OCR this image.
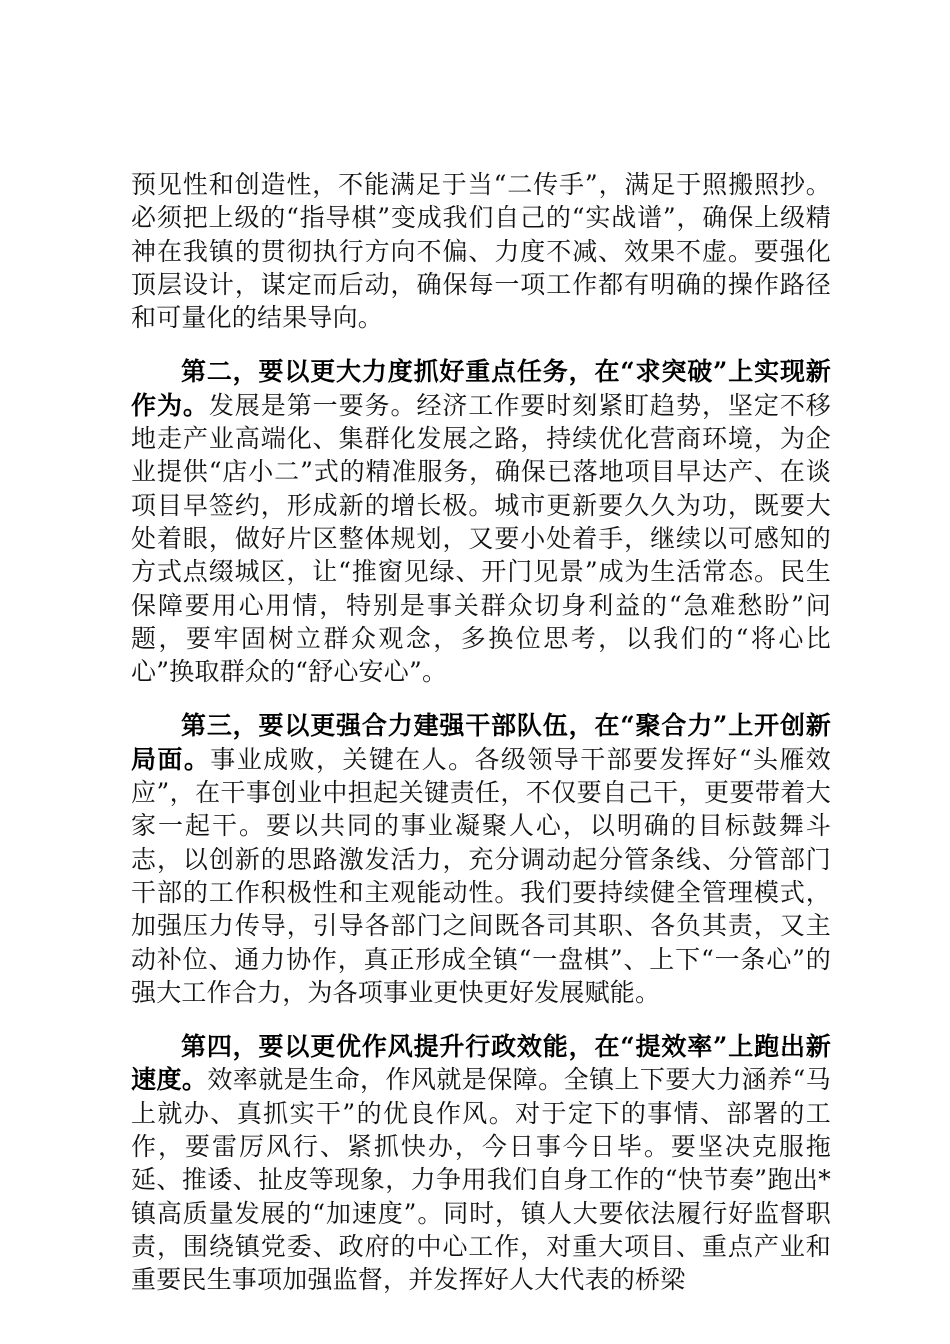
预见性和创造性，不能满足于当“二传手”，满足于照搬照抄。必须把上级的“指导棋”变成我们自己的“实战谱”，确保上级精神在我镇的贯彻执行方向不偏、力度不减、效果不虚。要强化顶层设计，谋定而后动，确保每一项工作都有明确的操作路径和可量化的结果导向。

第二，要以更大力度抓好重点任务，在“求突破”上实现新作为。发展是第一要务。经济工作要时刻紧盯趋势，坚定不移地走产业高端化、集群化发展之路，持续优化营商环境，为企业提供“店小二”式的精准服务，确保已落地项目早达产、在谈项目早签约，形成新的增长极。城市更新要久久为功，既要大处着眼，做好片区整体规划，又要小处着手，继续以可感知的方式点缀城区，让“推窗见绿、开门见景”成为生活常态。民生保障要用心用情，特别是事关群众切身利益的“急难愁盼”问题，要牢固树立群众观念，多换位思考，以我们的“将心比心”换取群众的“舒心安心”。

第三，要以更强合力建强干部队伍，在“聚合力”上开创新局面。事业成败，关键在人。各级领导干部要发挥好“头雁效应”，在干事创业中担起关键责任，不仅要自己干，更要带着大家一起干。要以共同的事业凝聚人心，以明确的目标鼓舞斗志，以创新的思路激发活力，充分调动起分管条线、分管部门干部的工作积极性和主观能动性。我们要持续健全管理模式，加强压力传导，引导各部门之间既各司其职、各负其责，又主动补位、通力协作，真正形成全镇“一盘棋”、上下“一条心”的强大工作合力，为各项事业更快更好发展赋能。

第四，要以更优作风提升行政效能，在“提效率”上跑出新速度。效率就是生命，作风就是保障。全镇上下要大力涵养“马上就办、真抓实干”的优良作风。对于定下的事情、部署的工作，要雷厉风行、紧抓快办，今日事今日毕。要坚决克服拖延、推诿、扯皮等现象，力争用我们自身工作的“快节奏”跑出*镇高质量发展的“加速度”。同时，镇人大要依法履行好监督职责，围绕镇党委、政府的中心工作，对重大项目、重点产业和重要民生事项加强监督，并发挥好人大代表的桥梁
